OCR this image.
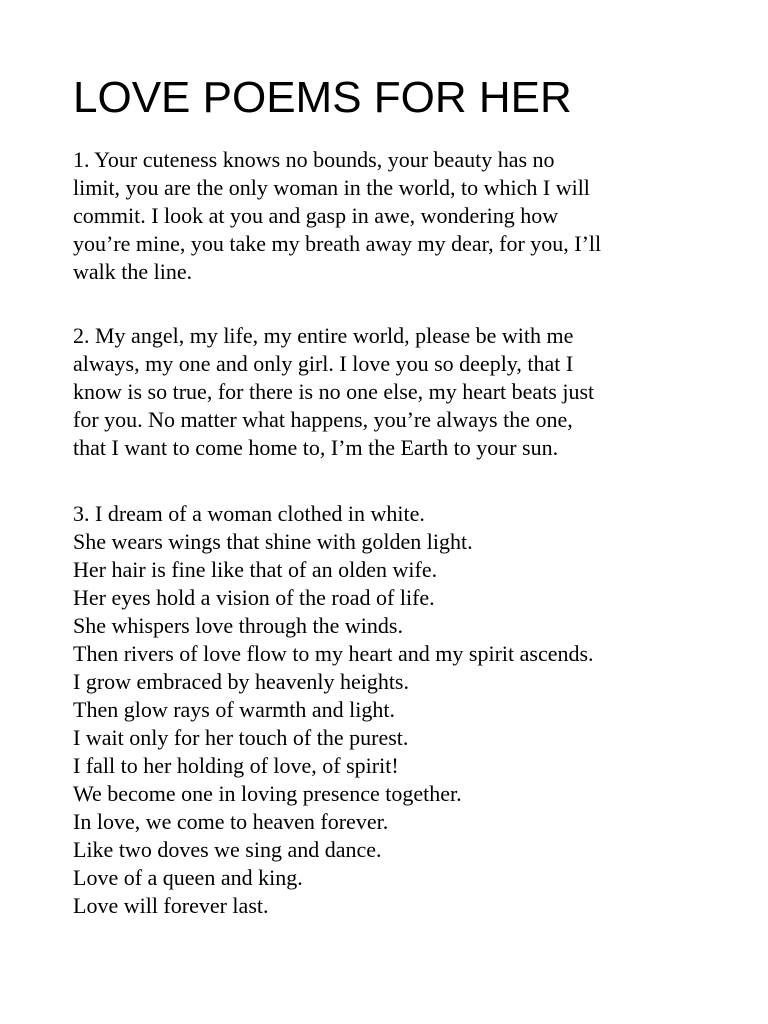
LOVE POEMS FOR HER
1. Your cuteness knows no bounds, your beauty has no
limit, you are the only woman in the world, to which I will
commit. I look at you and gasp in awe, wondering how
you’re mine, you take my breath away my dear, for you, I’ll
walk the line.
2. My angel, my life, my entire world, please be with me
always, my one and only girl. I love you so deeply, that I
know is so true, for there is no one else, my heart beats just
for you. No matter what happens, you’re always the one,
that I want to come home to, I’m the Earth to your sun.
3. I dream of a woman clothed in white.
She wears wings that shine with golden light.
Her hair is fine like that of an olden wife.
Her eyes hold a vision of the road of life.
She whispers love through the winds.
Then rivers of love flow to my heart and my spirit ascends.
I grow embraced by heavenly heights.
Then glow rays of warmth and light.
I wait only for her touch of the purest.
I fall to her holding of love, of spirit!
We become one in loving presence together.
In love, we come to heaven forever.
Like two doves we sing and dance.
Love of a queen and king.
Love will forever last.
